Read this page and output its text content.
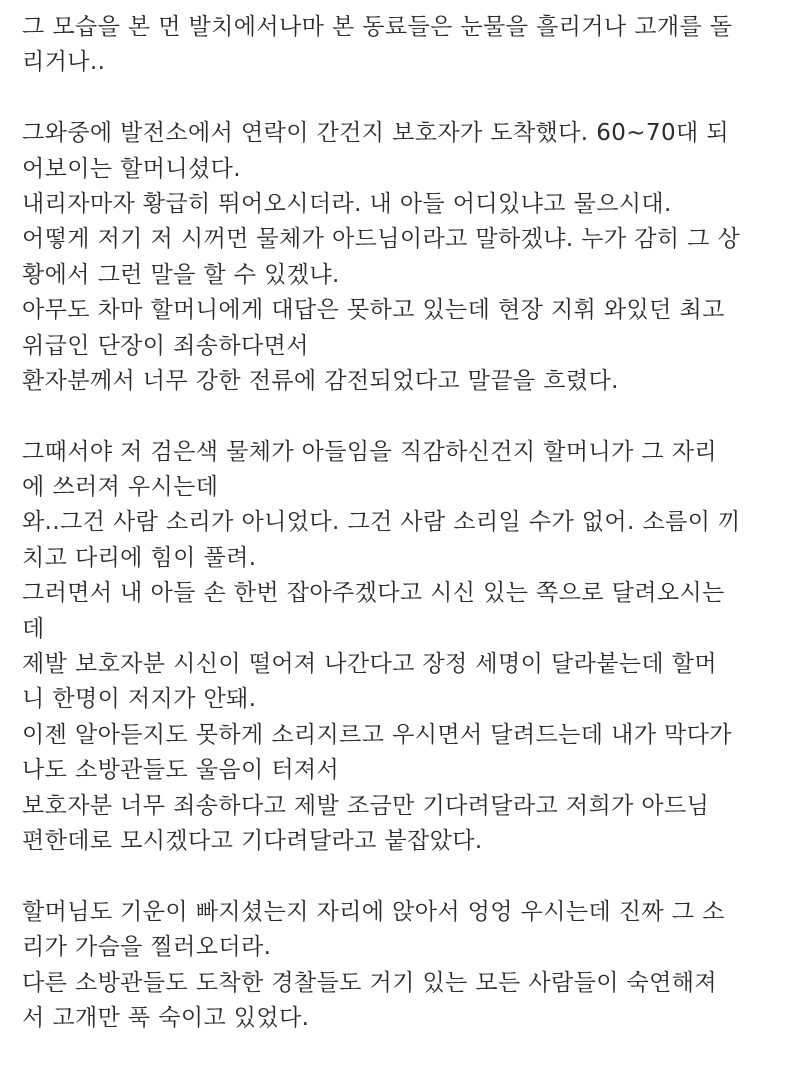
그 모습을 본 먼 발치에서나마 본 동료들은 눈물을 흘리거나 고개를 돌
리거나..
그와중에 발전소에서 연락이 간건지 보호자가 도착했다. 60~70대 되
어보이는 할머니셨다.
내리자마자 황급히 뛰어오시더라. 내 아들 어디있냐고 물으시대.
어떻게 저기 저 시꺼먼 물체가 아드님이라고 말하겠냐. 누가 감히 그 상
황에서 그런 말을 할 수 있겠냐.
아무도 차마 할머니에게 대답은 못하고 있는데 현장 지휘 와있던 최고
위급인 단장이 죄송하다면서
환자분께서 너무 강한 전류에 감전되었다고 말끝을 흐렸다.
그때서야 저 검은색 물체가 아들임을 직감하신건지 할머니가 그 자리
에 쓰러져 우시는데
와..그건 사람 소리가 아니었다. 그건 사람 소리일 수가 없어. 소름이 끼
치고 다리에 힘이 풀려.
그러면서 내 아들 손 한번 잡아주겠다고 시신 있는 쪽으로 달려오시는
데
제발 보호자분 시신이 떨어져 나간다고 장정 세명이 달라붙는데 할머
니 한명이 저지가 안돼.
이젠 알아듣지도 못하게 소리지르고 우시면서 달려드는데 내가 막다가
나도 소방관들도 울음이 터져서
보호자분 너무 죄송하다고 제발 조금만 기다려달라고 저희가 아드님
편한데로 모시겠다고 기다려달라고 붙잡았다.
할머님도 기운이 빠지셨는지 자리에 앉아서 엉엉 우시는데 진짜 그 소
리가 가슴을 찔러오더라.
다른 소방관들도 도착한 경찰들도 거기 있는 모든 사람들이 숙연해져
서 고개만 푹 숙이고 있었다.
